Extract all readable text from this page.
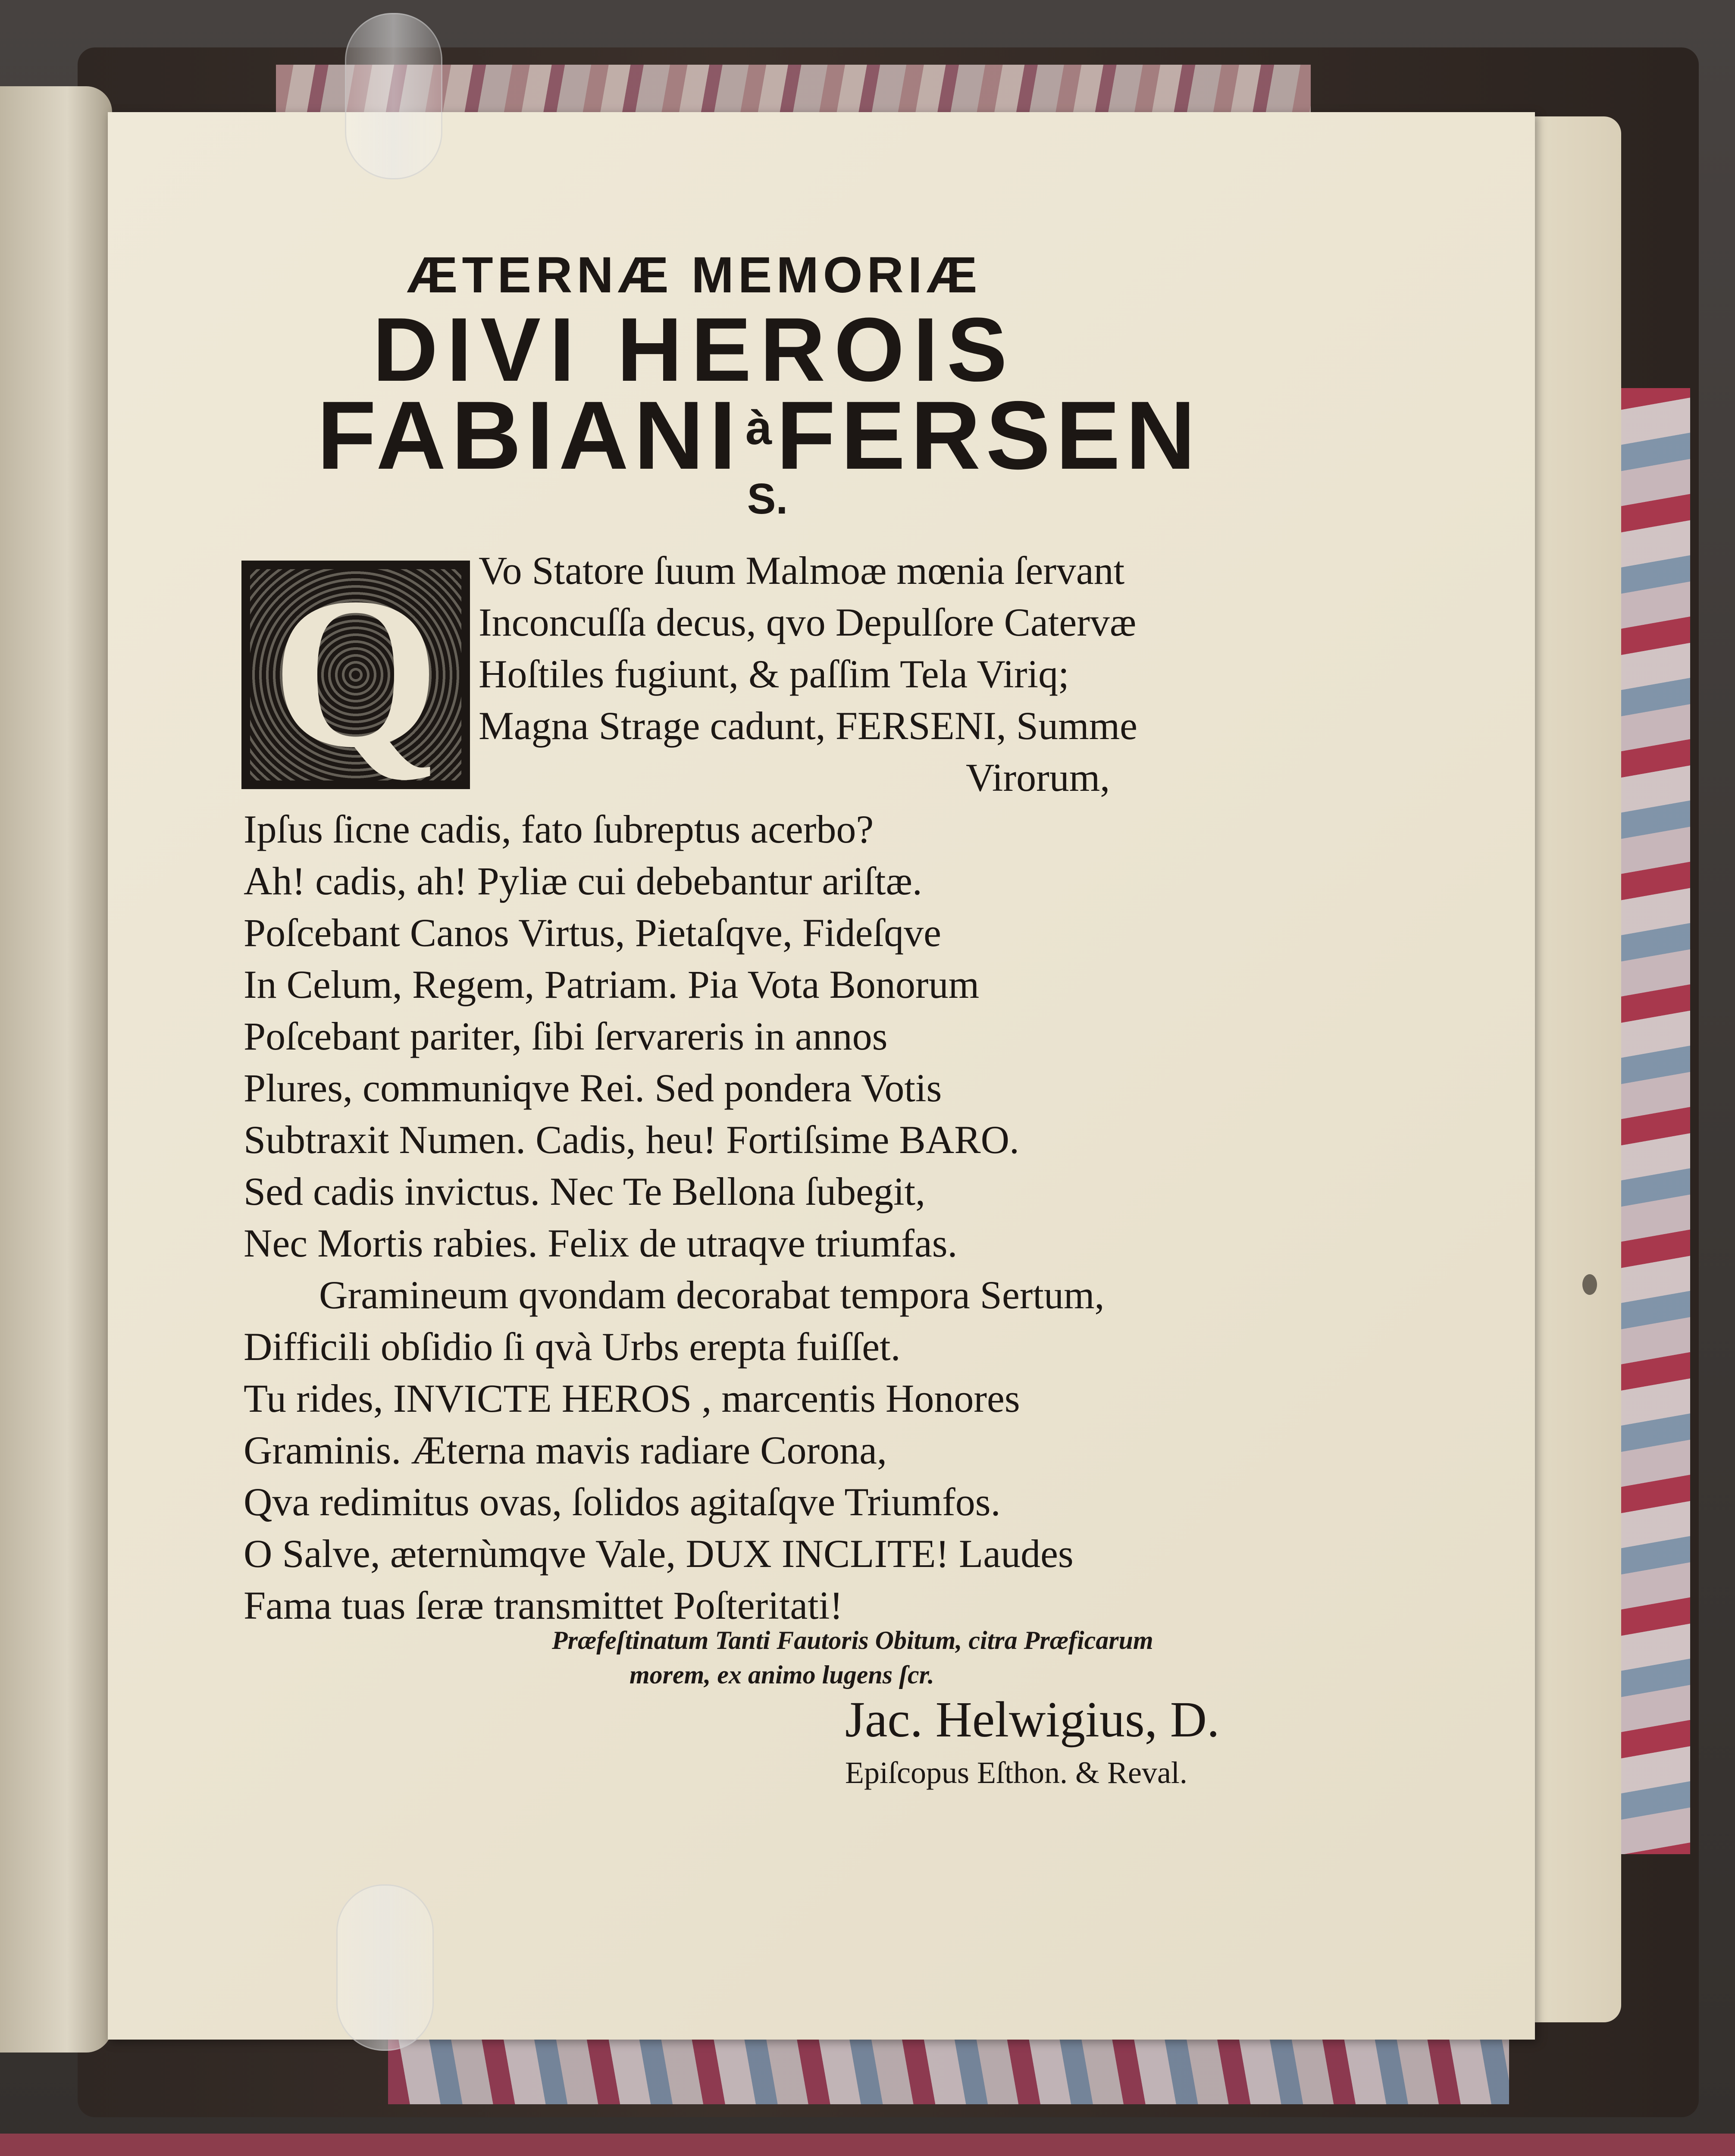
ÆTERNÆ MEMORIÆ
DIVI HEROIS
$FABIANI^àFERSEN$
S.
Q Vo Statore ſuum Malmoæ mœnia ſervant
Inconcuſſa decus, qvo Depulſore Catervæ
Hoſtiles fugiunt, & paſſim Tela Viriq;
Magna Strage cadunt, FERSENI, Summe
Virorum,
Ipſus ſicne cadis, fato ſubreptus acerbo?
Ah! cadis, ah! Pyliæ cui debebantur ariſtæ.
Poſcebant Canos Virtus, Pietaſqve, Fideſqve
In Celum, Regem, Patriam. Pia Vota Bonorum
Poſcebant pariter, ſibi ſervareris in annos
Plures, communiqve Rei. Sed pondera Votis
Subtraxit Numen. Cadis, heu! Fortiſsime BARO.
Sed cadis invictus. Nec Te Bellona ſubegit,
Nec Mortis rabies. Felix de utraqve triumfas.
Gramineum qvondam decorabat tempora Sertum,
Difficili obſidio ſi qvà Urbs erepta fuiſſet.
Tu rides, INVICTE HEROS , marcentis Honores
Graminis. Æterna mavis radiare Corona,
Qva redimitus ovas, ſolidos agitaſqve Triumfos.
O Salve, æternùmqve Vale, DUX INCLITE! Laudes
Fama tuas ſeræ transmittet Poſteritati!
Præfeſtinatum Tanti Fautoris Obitum, citra Præficarum
morem, ex animo lugens ſcr.
Jac. Helwigius, D.
Epiſcopus Eſthon. & Reval.
